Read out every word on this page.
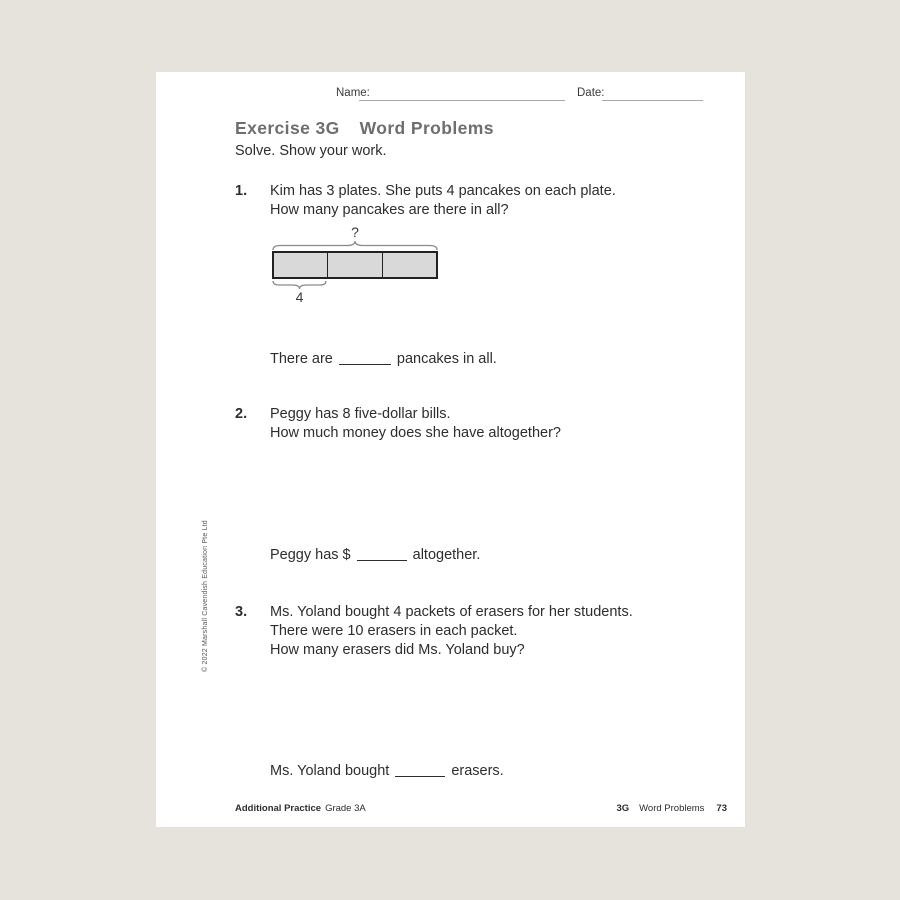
Name:	Date:
Exercise 3G Word Problems
Solve. Show your work.
1. Kim has 3 plates. She puts 4 pancakes on each plate.
How many pancakes are there in all?
?
4
There are	pancakes in all.
2. Peggy has 8 five-dollar bills.
How much money does she have altogether?
Peggy has $	altogether.
3. Ms. Yoland bought 4 packets of erasers for her students.
There were 10 erasers in each packet.
How many erasers did Ms. Yoland buy?
Ms. Yoland bought	erasers.
© 2022 Marshall Cavendish Education Pte Ltd
Additional Practice Grade 3A	3G Word Problems 73
